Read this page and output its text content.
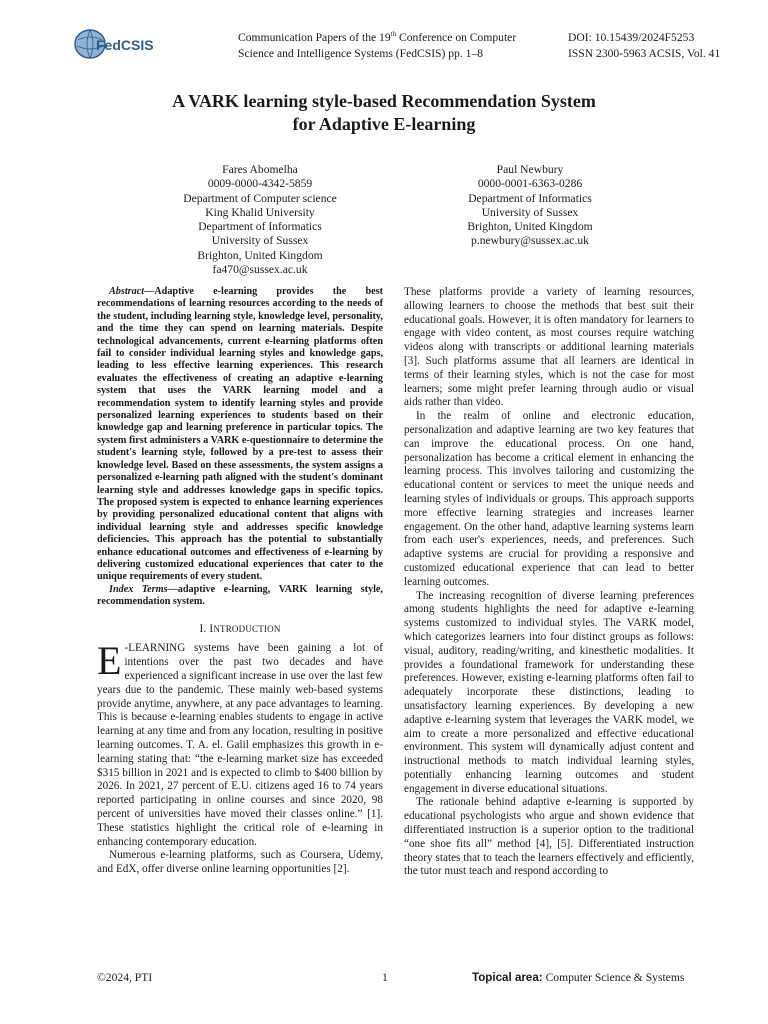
FedCSIS	Communication Papers of the 19th Conference on Computer
Science and Intelligence Systems (FedCSIS) pp. 1–8
DOI: 10.15439/2024F5253
ISSN 2300-5963 ACSIS, Vol. 41
A VARK learning style-based Recommendation System
for Adaptive E-learning
Fares Abomelha
0009-0000-4342-5859
Department of Computer science
King Khalid University
Department of Informatics
University of Sussex
Brighton, United Kingdom
fa470@sussex.ac.uk
Paul Newbury
0000-0001-6363-0286
Department of Informatics
University of Sussex
Brighton, United Kingdom
p.newbury@sussex.ac.uk

Abstract—Adaptive e-learning provides the best recommendations of learning resources according to the needs of the student, including learning style, knowledge level, personality, and the time they can spend on learning materials. Despite technological advancements, current e-learning platforms often fail to consider individual learning styles and knowledge gaps, leading to less effective learning experiences. This research evaluates the effectiveness of creating an adaptive e-learning system that uses the VARK learning model and a recommendation system to identify learning styles and provide personalized learning experiences to students based on their knowledge gap and learning preference in particular topics. The system first administers a VARK e-questionnaire to determine the student's learning style, followed by a pre-test to assess their knowledge level. Based on these assessments, the system assigns a personalized e-learning path aligned with the student's dominant learning style and addresses knowledge gaps in specific topics. The proposed system is expected to enhance learning experiences by providing personalized educational content that aligns with individual learning style and addresses specific knowledge deficiencies. This approach has the potential to substantially enhance educational outcomes and effectiveness of e-learning by delivering customized educational experiences that cater to the unique requirements of every student.

Index Terms—adaptive e-learning, VARK learning style, recommendation system.

I. INTRODUCTION

E -LEARNING systems have been gaining a lot of intentions over the past two decades and have experienced a significant increase in use over the last few years due to the pandemic. These mainly web-based systems provide anytime, anywhere, at any pace advantages to learning. This is because e-learning enables students to engage in active learning at any time and from any location, resulting in positive learning outcomes. T. A. el. Galil emphasizes this growth in e-learning stating that: “the e-learning market size has exceeded $315 billion in 2021 and is expected to climb to $400 billion by 2026. In 2021, 27 percent of E.U. citizens aged 16 to 74 years reported participating in online courses and since 2020, 98 percent of universities have moved their classes online.” [1]. These statistics highlight the critical role of e-learning in enhancing contemporary education.

Numerous e-learning platforms, such as Coursera, Udemy, and EdX, offer diverse online learning opportunities [2].

These platforms provide a variety of learning resources, allowing learners to choose the methods that best suit their educational goals. However, it is often mandatory for learners to engage with video content, as most courses require watching videos along with transcripts or additional learning materials [3]. Such platforms assume that all learners are identical in terms of their learning styles, which is not the case for most learners; some might prefer learning through audio or visual aids rather than video.

In the realm of online and electronic education, personalization and adaptive learning are two key features that can improve the educational process. On one hand, personalization has become a critical element in enhancing the learning process. This involves tailoring and customizing the educational content or services to meet the unique needs and learning styles of individuals or groups. This approach supports more effective learning strategies and increases learner engagement. On the other hand, adaptive learning systems learn from each user's experiences, needs, and preferences. Such adaptive systems are crucial for providing a responsive and customized educational experience that can lead to better learning outcomes.

The increasing recognition of diverse learning preferences among students highlights the need for adaptive e-learning systems customized to individual styles. The VARK model, which categorizes learners into four distinct groups as follows: visual, auditory, reading/writing, and kinesthetic modalities. It provides a foundational framework for understanding these preferences. However, existing e-learning platforms often fail to adequately incorporate these distinctions, leading to unsatisfactory learning experiences. By developing a new adaptive e-learning system that leverages the VARK model, we aim to create a more personalized and effective educational environment. This system will dynamically adjust content and instructional methods to match individual learning styles, potentially enhancing learning outcomes and student engagement in diverse educational situations.

The rationale behind adaptive e-learning is supported by educational psychologists who argue and shown evidence that differentiated instruction is a superior option to the traditional “one shoe fits all” method [4], [5]. Differentiated instruction theory states that to teach the learners effectively and efficiently, the tutor must teach and respond according to

©2024, PTI	1	Topical area: Computer Science & Systems
